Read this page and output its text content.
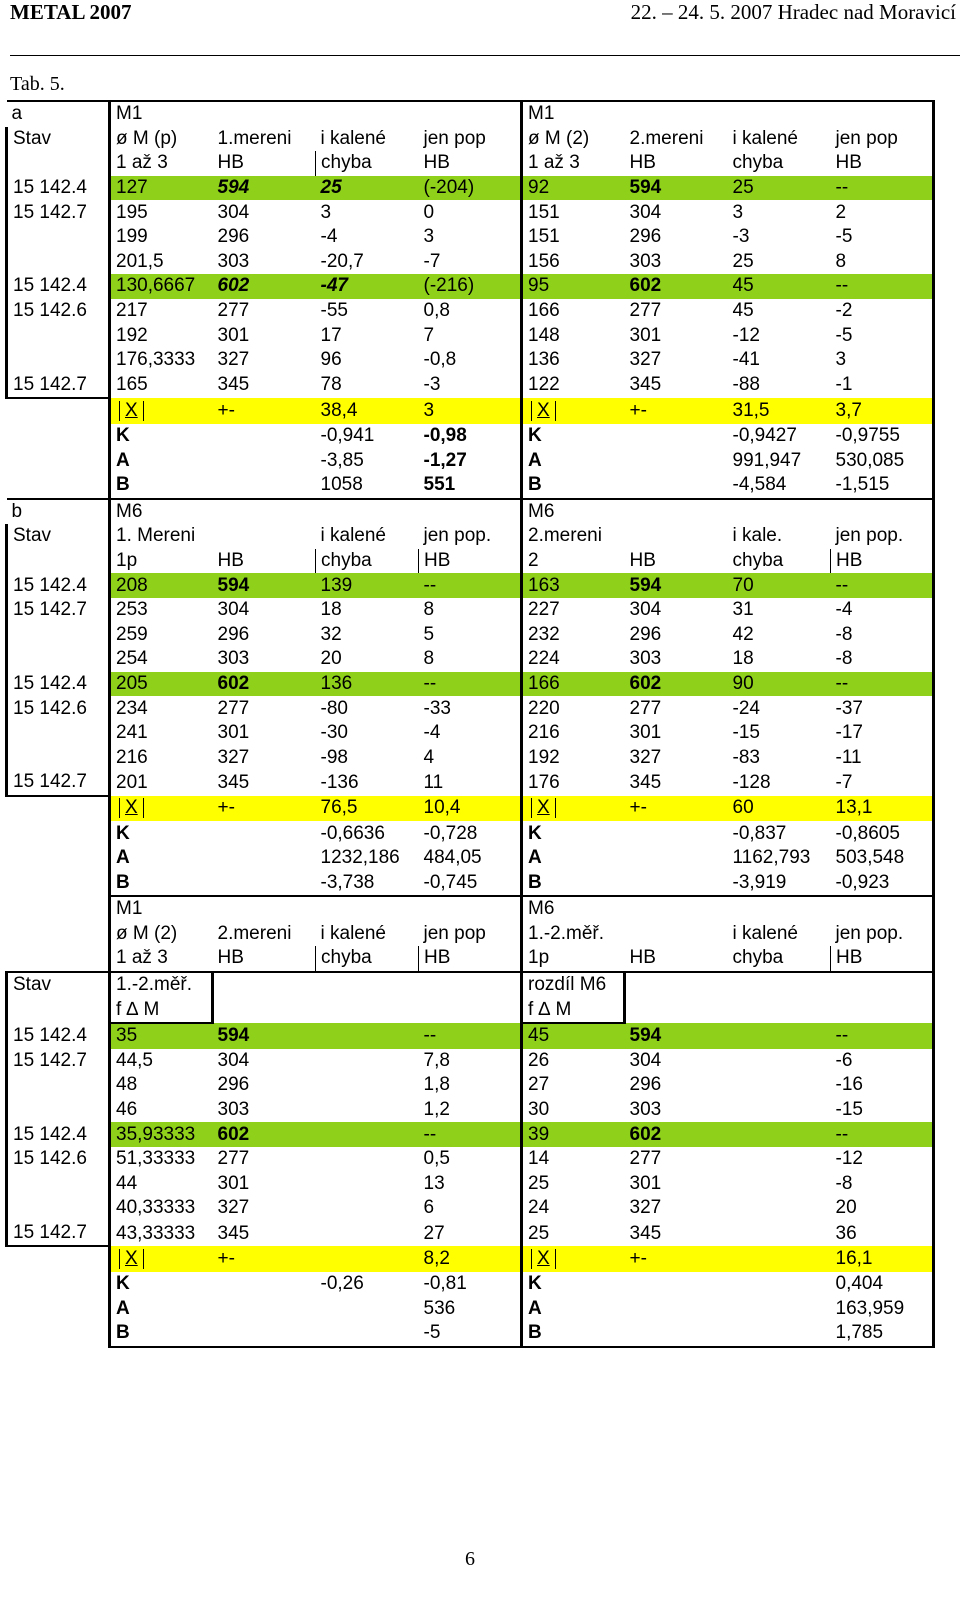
METAL 2007	22. – 24. 5. 2007 Hradec nad Moravicí
Tab. 5.
a	M1				M1			
Stav	ø M (p)	1.mereni	i kalené	jen pop	ø M (2)	2.mereni	i kalené	jen pop
	1 až 3	HB	chyba	HB	1 až 3	HB	chyba	HB
15 142.4	127	594	25	(-204)	92	594	25	--
15 142.7	195	304	3	0	151	304	3	2
	199	296	-4	3	151	296	-3	-5
	201,5	303	-20,7	-7	156	303	25	8
15 142.4	130,6667	602	-47	(-216)	95	602	45	--
15 142.6	217	277	-55	0,8	166	277	45	-2
	192	301	17	7	148	301	-12	-5
	176,3333	327	96	-0,8	136	327	-41	3
15 142.7	165	345	78	-3	122	345	-88	-1
	X	+-	38,4	3	X	+-	31,5	3,7
	K		-0,941	-0,98	K		-0,9427	-0,9755
	A		-3,85	-1,27	A		991,947	530,085
	B		1058	551	B		-4,584	-1,515
b	M6				M6			
Stav	1. Mereni		i kalené	jen pop.	2.mereni		i kale.	jen pop.
	1p	HB	chyba	HB	2	HB	chyba	HB
15 142.4	208	594	139	--	163	594	70	--
15 142.7	253	304	18	8	227	304	31	-4
	259	296	32	5	232	296	42	-8
	254	303	20	8	224	303	18	-8
15 142.4	205	602	136	--	166	602	90	--
15 142.6	234	277	-80	-33	220	277	-24	-37
	241	301	-30	-4	216	301	-15	-17
	216	327	-98	4	192	327	-83	-11
15 142.7	201	345	-136	11	176	345	-128	-7
	X	+-	76,5	10,4	X	+-	60	13,1
	K		-0,6636	-0,728	K		-0,837	-0,8605
	A		1232,186	484,05	A		1162,793	503,548
	B		-3,738	-0,745	B		-3,919	-0,923
	M1				M6			
	ø M (2)	2.mereni	i kalené	jen pop	1.-2.měř.		i kalené	jen pop.
	1 až 3	HB	chyba	HB	1p	HB	chyba	HB
Stav	1.-2.měř.				rozdíl M6			
	f ∆ M				f ∆ M			
15 142.4	35	594		--	45	594		--
15 142.7	44,5	304		7,8	26	304		-6
	48	296		1,8	27	296		-16
	46	303		1,2	30	303		-15
15 142.4	35,93333	602		--	39	602		--
15 142.6	51,33333	277		0,5	14	277		-12
	44	301		13	25	301		-8
	40,33333	327		6	24	327		20
15 142.7	43,33333	345		27	25	345		36
	X	+-		8,2	X	+-		16,1
	K		-0,26	-0,81	K			0,404
	A			536	A			163,959
	B			-5	B			1,785
6
